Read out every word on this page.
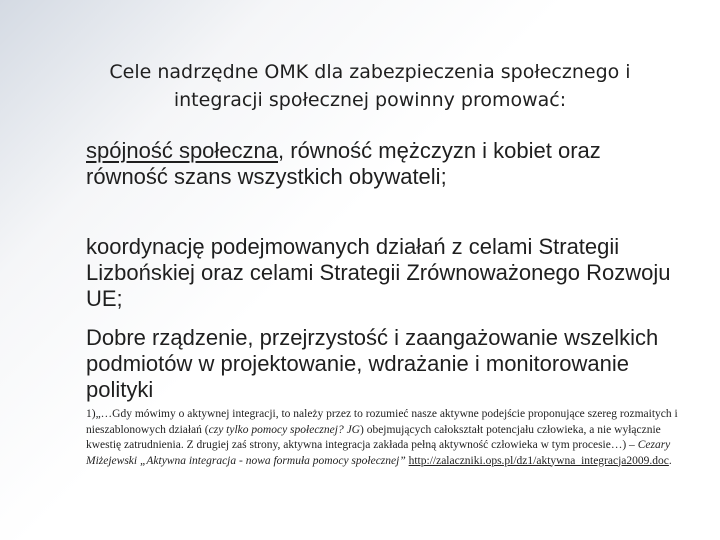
Cele nadrzędne OMK dla zabezpieczenia społecznego i integracji społecznej powinny promować:
spójność społeczna, równość mężczyzn i kobiet oraz równość szans wszystkich obywateli;
koordynację podejmowanych działań z celami Strategii Lizbońskiej oraz celami Strategii Zrównoważonego Rozwoju UE;
Dobre rządzenie, przejrzystość i zaangażowanie wszelkich podmiotów w projektowanie, wdrażanie i monitorowanie polityki
1)„…Gdy mówimy o aktywnej integracji, to należy przez to rozumieć nasze aktywne podejście proponujące szereg rozmaitych i nieszablonowych działań (czy tylko pomocy społecznej? JG) obejmujących całokształt potencjału człowieka, a nie wyłącznie kwestię zatrudnienia. Z drugiej zaś strony, aktywna integracja zakłada pełną aktywność człowieka w tym procesie…) – Cezary Miżejewski „Aktywna integracja - nowa formuła pomocy społecznej” http://zalaczniki.ops.pl/dz1/aktywna_integracja2009.doc.
